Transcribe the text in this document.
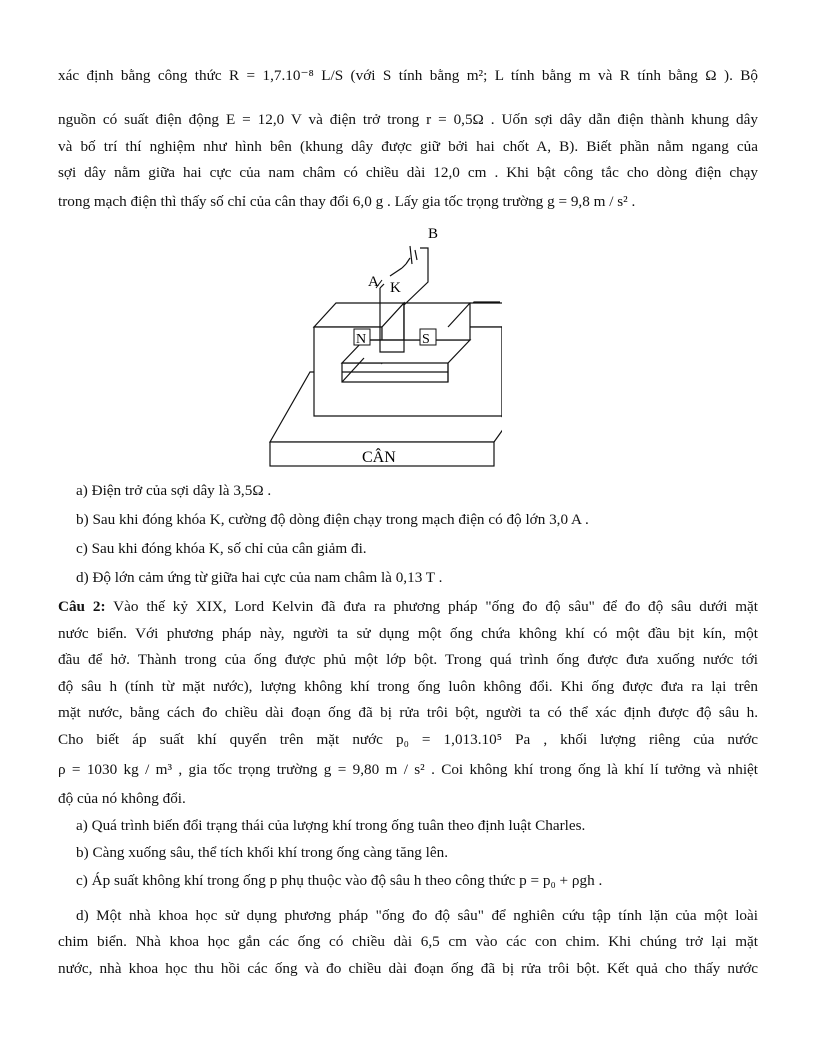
xác định bằng công thức R = 1,7.10⁻⁸ L/S (với S tính bằng m²; L tính bằng m và R tính bằng Ω ). Bộ
nguồn có suất điện động E = 12,0 V và điện trở trong r = 0,5Ω . Uốn sợi dây dẫn điện thành khung dây
và bố trí thí nghiệm như hình bên (khung dây được giữ bởi hai chốt A, B). Biết phần nằm ngang của
sợi dây nằm giữa hai cực của nam châm có chiều dài 12,0 cm . Khi bật công tắc cho dòng điện chạy
trong mạch điện thì thấy số chỉ của cân thay đổi 6,0 g . Lấy gia tốc trọng trường g = 9,8 m / s² .
N	S
B
A K
CÂN
a) Điện trở của sợi dây là 3,5Ω .
b) Sau khi đóng khóa K, cường độ dòng điện chạy trong mạch điện có độ lớn 3,0 A .
c) Sau khi đóng khóa K, số chỉ của cân giảm đi.
d) Độ lớn cảm ứng từ giữa hai cực của nam châm là 0,13 T .
Câu 2: Vào thế kỷ XIX, Lord Kelvin đã đưa ra phương pháp "ống đo độ sâu" để đo độ sâu dưới mặt
nước biển. Với phương pháp này, người ta sử dụng một ống chứa không khí có một đầu bịt kín, một
đầu để hở. Thành trong của ống được phủ một lớp bột. Trong quá trình ống được đưa xuống nước tới
độ sâu h (tính từ mặt nước), lượng không khí trong ống luôn không đổi. Khi ống được đưa ra lại trên
mặt nước, bằng cách đo chiều dài đoạn ống đã bị rửa trôi bột, người ta có thể xác định được độ sâu h.
Cho biết áp suất khí quyển trên mặt nước p₀ = 1,013.10⁵ Pa , khối lượng riêng của nước
ρ = 1030 kg / m³ , gia tốc trọng trường g = 9,80 m / s² . Coi không khí trong ống là khí lí tưởng và nhiệt
độ của nó không đổi.
a) Quá trình biến đổi trạng thái của lượng khí trong ống tuân theo định luật Charles.
b) Càng xuống sâu, thể tích khối khí trong ống càng tăng lên.
c) Áp suất không khí trong ống p phụ thuộc vào độ sâu h theo công thức p = p₀ + ρgh .
d) Một nhà khoa học sử dụng phương pháp "ống đo độ sâu" để nghiên cứu tập tính lặn của một loài
chim biển. Nhà khoa học gắn các ống có chiều dài 6,5 cm vào các con chim. Khi chúng trở lại mặt
nước, nhà khoa học thu hồi các ống và đo chiều dài đoạn ống đã bị rửa trôi bột. Kết quả cho thấy nước
